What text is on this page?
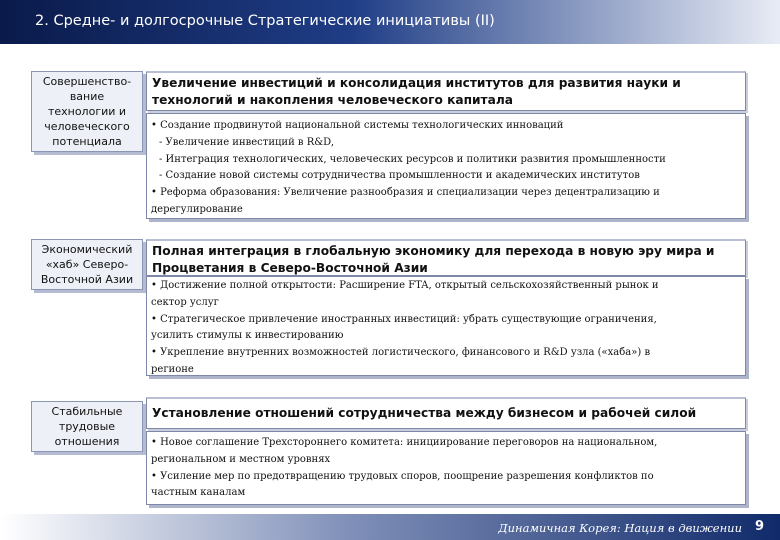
2. Средне- и долгосрочные Стратегические инициативы (II)
Совершенство-
вание
технологии и
человеческого
потенциала
Увеличение инвестиций и консолидация институтов для развития науки и
технологий и накопления человеческого капитала
• Создание продвинутой национальной системы технологических инноваций
- Увеличение инвестиций в R&D,
- Интеграция технологических, человеческих ресурсов и политики развития промышленности
- Создание новой системы сотрудничества промышленности и академических институтов
• Реформа образования: Увеличение разнообразия и специализации через децентрализацию и
дерегулирование
Экономический
«хаб» Северо-
Восточной Азии
Полная интеграция в глобальную экономику для перехода в новую эру мира и
Процветания в Северо-Восточной Азии
• Достижение полной открытости: Расширение FTA, открытый сельскохозяйственный рынок и
сектор услуг
• Стратегическое привлечение иностранных инвестиций: убрать существующие ограничения,
усилить стимулы к инвестированию
• Укрепление внутренних возможностей логистического, финансового и R&D узла («хаба») в
регионе
Стабильные
трудовые
отношения
Установление отношений сотрудничества между бизнесом и рабочей силой
• Новое соглашение Трехстороннего комитета: инициирование переговоров на национальном,
региональном и местном уровнях
• Усиление мер по предотвращению трудовых споров, поощрение разрешения конфликтов по
частным каналам
Динамичная Корея: Нация в движении 9
